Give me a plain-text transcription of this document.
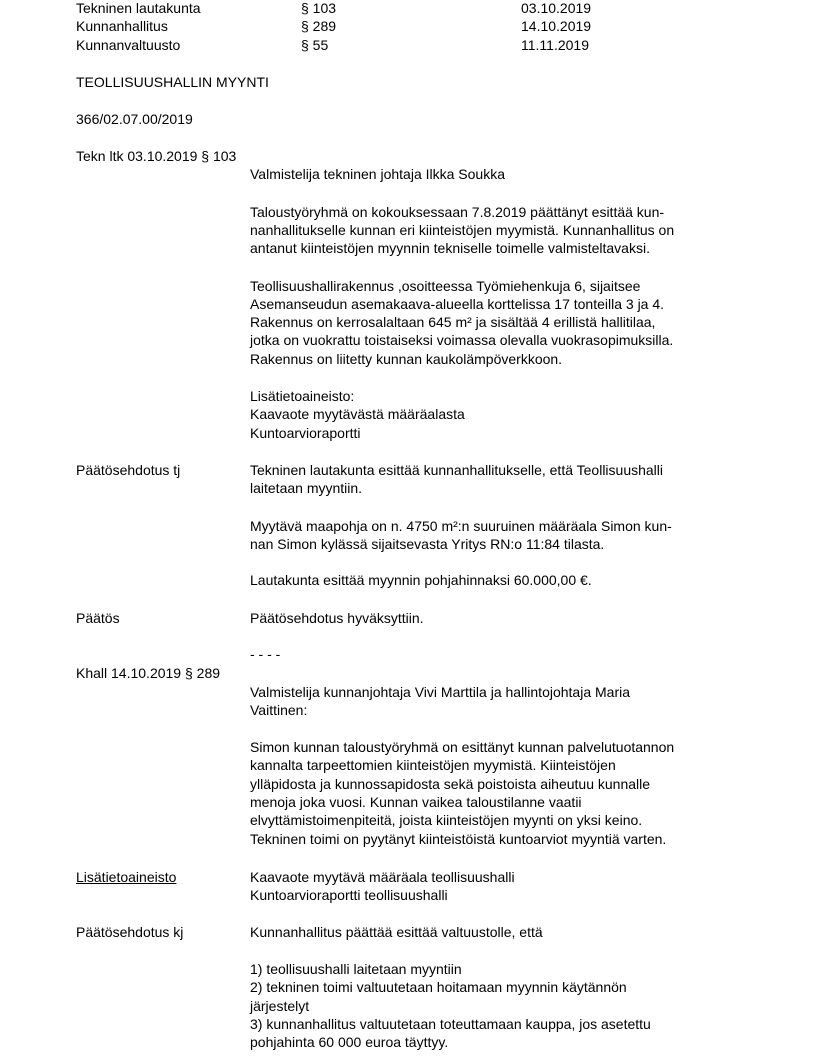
Tekninen lautakunta	§ 103	03.10.2019
Kunnanhallitus	§ 289	14.10.2019
Kunnanvaltuusto	§ 55	11.11.2019
TEOLLISUUSHALLIN MYYNTI
366/02.07.00/2019
Tekn ltk 03.10.2019 § 103
Valmistelija tekninen johtaja Ilkka Soukka
Taloustyöryhmä on kokouksessaan 7.8.2019 päättänyt esittää kun-
nanhallitukselle kunnan eri kiinteistöjen myymistä. Kunnanhallitus on
antanut kiinteistöjen myynnin tekniselle toimelle valmisteltavaksi.
Teollisuushallirakennus ,osoitteessa Työmiehenkuja 6, sijaitsee
Asemanseudun asemakaava-alueella korttelissa 17 tonteilla 3 ja 4.
Rakennus on kerrosalaltaan 645 m² ja sisältää 4 erillistä hallitilaa,
jotka on vuokrattu toistaiseksi voimassa olevalla vuokrasopimuksilla.
Rakennus on liitetty kunnan kaukolämpöverkkoon.
Lisätietoaineisto:
Kaavaote myytävästä määräalasta
Kuntoarvioraportti
Päätösehdotus tj	Tekninen lautakunta esittää kunnanhallitukselle, että Teollisuushalli
laitetaan myyntiin.
Myytävä maapohja on n. 4750 m²:n suuruinen määräala Simon kun-
nan Simon kylässä sijaitsevasta Yritys RN:o 11:84 tilasta.
Lautakunta esittää myynnin pohjahinnaksi 60.000,00 €.
Päätös	Päätösehdotus hyväksyttiin.
- - - -
Khall 14.10.2019 § 289
Valmistelija kunnanjohtaja Vivi Marttila ja hallintojohtaja Maria
Vaittinen:
Simon kunnan taloustyöryhmä on esittänyt kunnan palvelutuotannon
kannalta tarpeettomien kiinteistöjen myymistä. Kiinteistöjen
ylläpidosta ja kunnossapidosta sekä poistoista aiheutuu kunnalle
menoja joka vuosi. Kunnan vaikea taloustilanne vaatii
elvyttämistoimenpiteitä, joista kiinteistöjen myynti on yksi keino.
Tekninen toimi on pyytänyt kiinteistöistä kuntoarviot myyntiä varten.
Lisätietoaineisto	Kaavaote myytävä määräala teollisuushalli
Kuntoarvioraportti teollisuushalli
Päätösehdotus kj	Kunnanhallitus päättää esittää valtuustolle, että
1) teollisuushalli laitetaan myyntiin
2) tekninen toimi valtuutetaan hoitamaan myynnin käytännön
järjestelyt
3) kunnanhallitus valtuutetaan toteuttamaan kauppa, jos asetettu
pohjahinta 60 000 euroa täyttyy.
